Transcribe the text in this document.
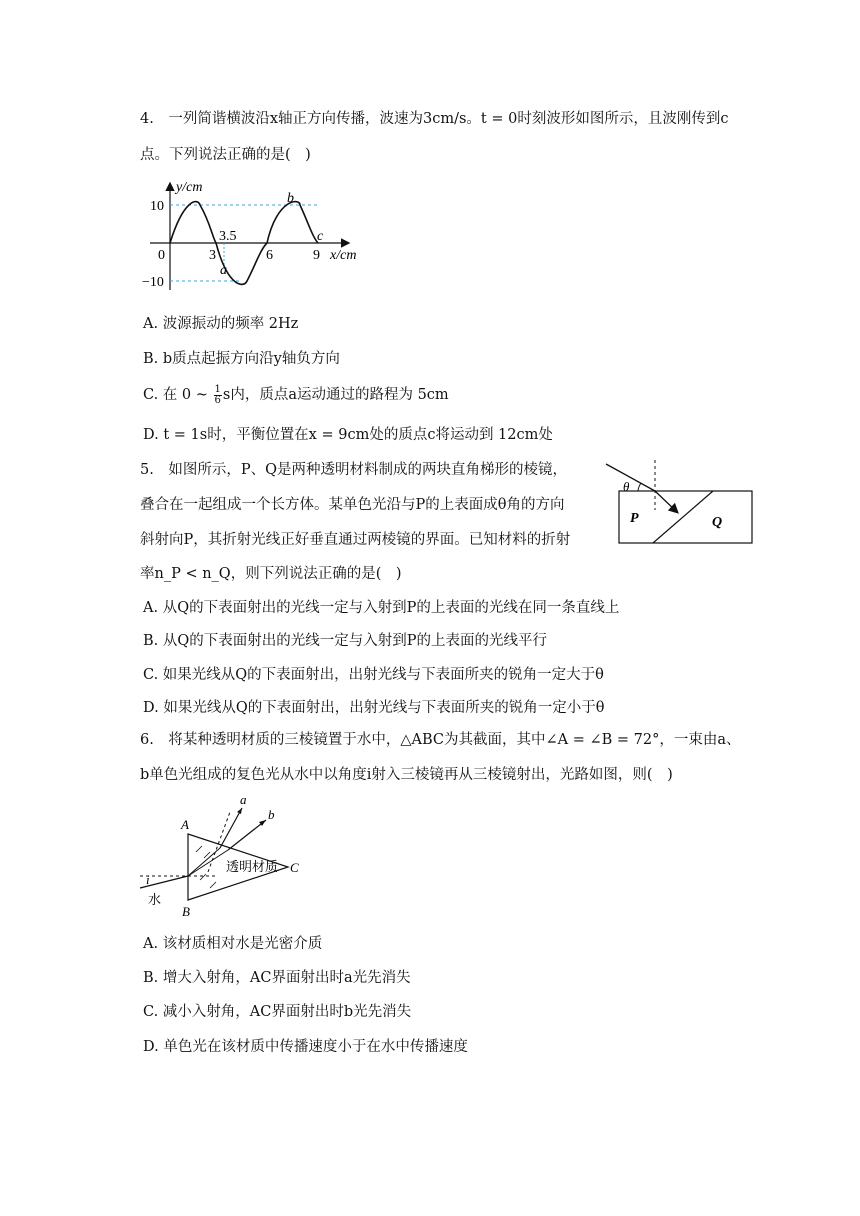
4.　一列简谐横波沿x轴正方向传播，波速为3cm/s。t = 0时刻波形如图所示，且波刚传到c
点。下列说法正确的是(　)
y/cm
10
−10
0	3
3.5
6	9 x/cm
a
b
c
A. 波源振动的频率 2Hz
B. b质点起振方向沿y轴负方向
C. 在 0 ~ $\frac{1}{6}$ s内，质点a运动通过的路程为 5cm
D. t = 1s时，平衡位置在x = 9cm处的质点c将运动到 12cm处
5.　如图所示，P、Q是两种透明材料制成的两块直角梯形的棱镜，
叠合在一起组成一个长方体。某单色光沿与P的上表面成θ角的方向
斜射向P，其折射光线正好垂直通过两棱镜的界面。已知材料的折射
率n_P < n_Q，则下列说法正确的是(　)
θ
P	Q
A. 从Q的下表面射出的光线一定与入射到P的上表面的光线在同一条直线上
B. 从Q的下表面射出的光线一定与入射到P的上表面的光线平行
C. 如果光线从Q的下表面射出，出射光线与下表面所夹的锐角一定大于θ
D. 如果光线从Q的下表面射出，出射光线与下表面所夹的锐角一定小于θ
6.　将某种透明材质的三棱镜置于水中，△ABC为其截面，其中∠A = ∠B = 72°，一束由a、
b单色光组成的复色光从水中以角度i射入三棱镜再从三棱镜射出，光路如图，则(　)
a
b
A
B
C
i
水
透明材质
A. 该材质相对水是光密介质
B. 增大入射角，AC界面射出时a光先消失
C. 减小入射角，AC界面射出时b光先消失
D. 单色光在该材质中传播速度小于在水中传播速度
